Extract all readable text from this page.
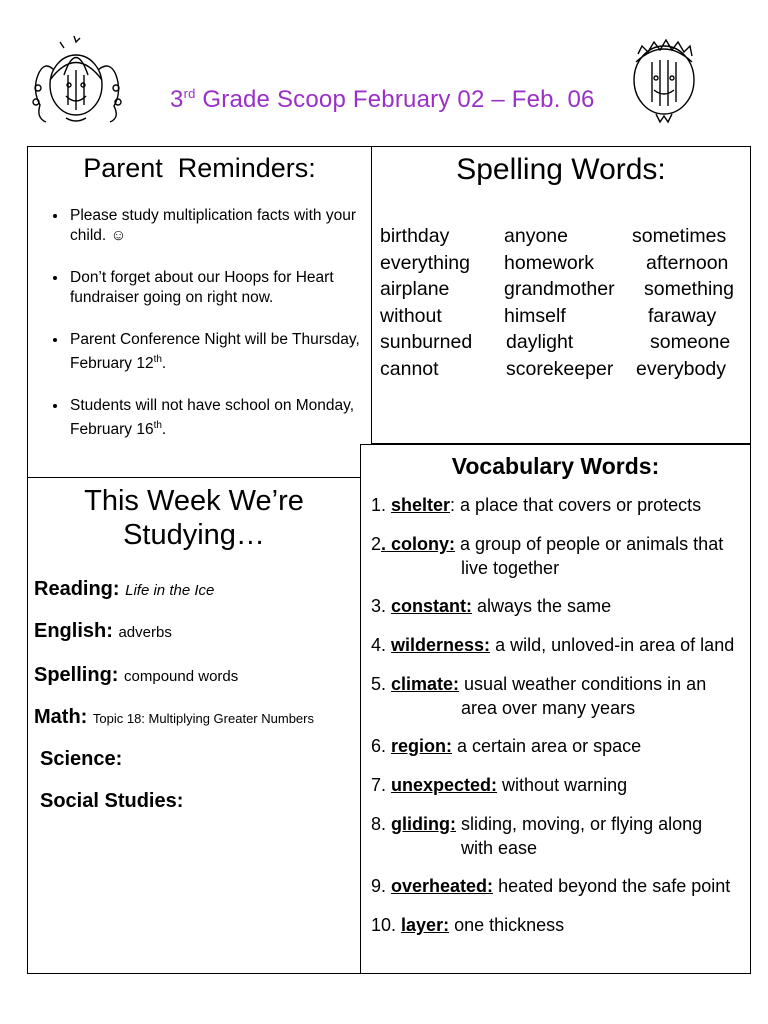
3rd Grade Scoop February 02 – Feb. 06
Parent  Reminders:
• Please study multiplication facts with your child. ☺
• Don’t forget about our Hoops for Heart fundraiser going on right now.
• Parent Conference Night will be Thursday, February 12th.
• Students will not have school on Monday, February 16th.
Spelling Words:
birthday	anyone	sometimes
everything homework	afternoon
airplane	grandmother something
without	himself	faraway
sunburned daylight	someone
cannot	scorekeeper everybody
This Week We’re
Studying…
Reading: Life in the Ice
English: adverbs
Spelling: compound words
Math: Topic 18: Multiplying Greater Numbers
Science:
Social Studies:
Vocabulary Words:
1. shelter: a place that covers or protects
2. colony: a group of people or animals that
live together
3. constant: always the same
4. wilderness: a wild, unloved-in area of land
5. climate: usual weather conditions in an
area over many years
6. region: a certain area or space
7. unexpected: without warning
8. gliding: sliding, moving, or flying along
with ease
9. overheated: heated beyond the safe point
10. layer: one thickness
